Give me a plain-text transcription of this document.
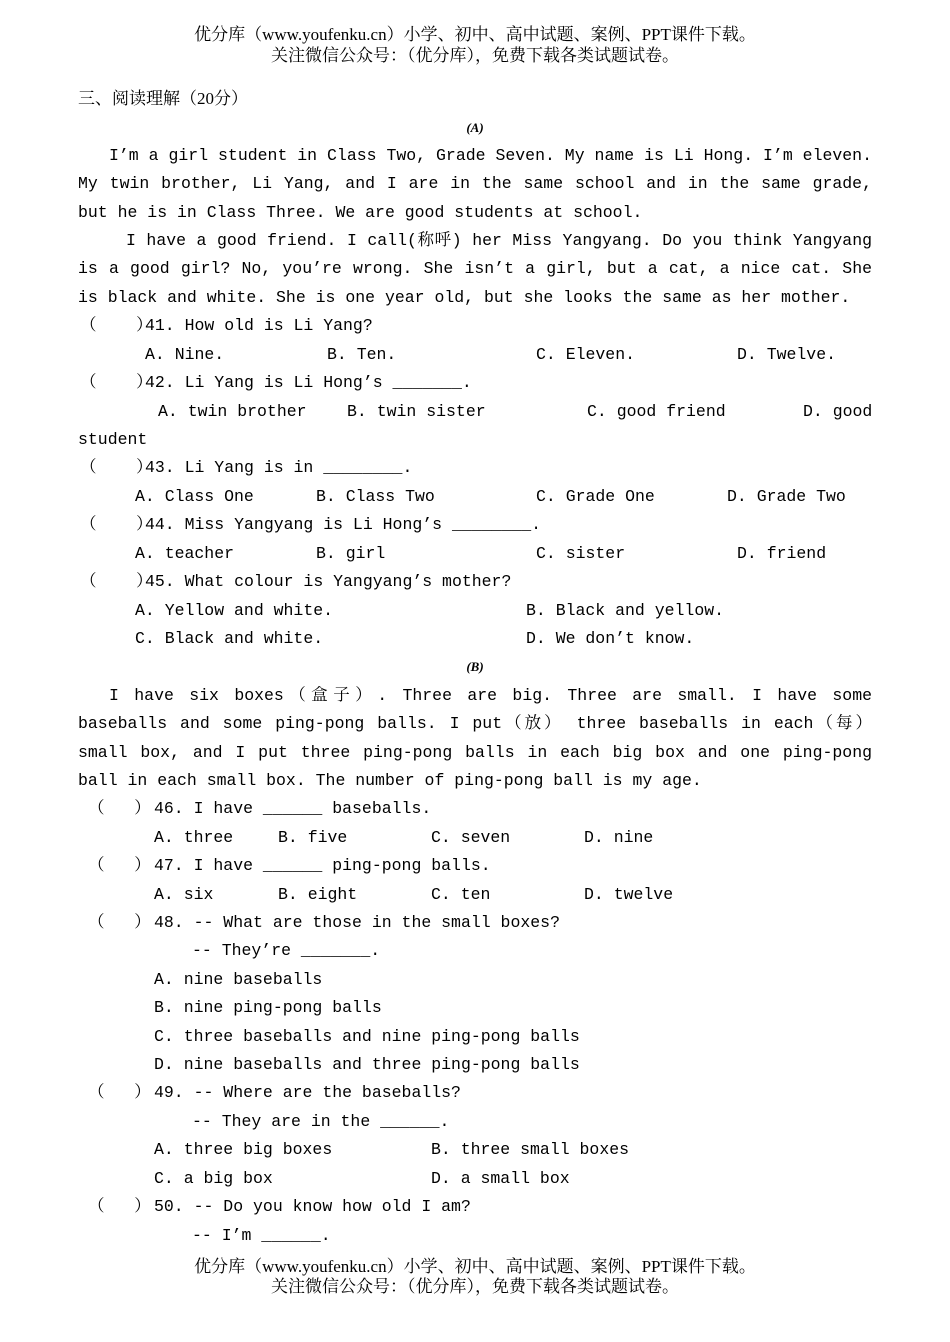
优分库（www.youfenku.cn）小学、初中、高中试题、案例、PPT课件下载。
关注微信公众号：（优分库），免费下载各类试题试卷。
三、阅读理解（20分）
(A)
I’m a girl student in Class Two, Grade Seven. My name is Li Hong. I’m eleven. My twin brother, Li Yang, and I are in the same school and in the same grade, but he is in Class Three. We are good students at school.
I have a good friend. I call(称呼) her Miss Yangyang. Do you think Yangyang is a good girl? No, you’re wrong. She isn’t a girl, but a cat, a nice cat. She is black and white. She is one year old, but she looks the same as her mother.
（    ）
41. How old is Li Yang?
A. Nine.	B. Ten.	C. Eleven.	D. Twelve.
（    ）
42. Li Yang is Li Hong’s _______.
A. twin brother B. twin sister	C. good friend	D. good
student
（    ）
43. Li Yang is in ________.
A. Class One	B. Class Two	C. Grade One	D. Grade Two
（    ）
44. Miss Yangyang is Li Hong’s ________.
A. teacher	B. girl	C. sister	D. friend
（    ）
45. What colour is Yangyang’s mother?
A. Yellow and white.	B. Black and yellow.
C. Black and white.	D. We don’t know.
(B)
I have six boxes（盒子）. Three are big. Three are small. I have some baseballs and some ping-pong balls. I put（放） three baseballs in each（每） small box, and I put three ping-pong balls in each big box and one ping-pong ball in each small box. The number of ping-pong ball is my age.
（   ） 46. I have ______ baseballs.
A. three	B. five	C. seven	D. nine
（   ） 47. I have ______ ping-pong balls.
A. six	B. eight	C. ten	D. twelve
（   ） 48. -- What are those in the small boxes?
-- They’re _______.
A. nine baseballs
B. nine ping-pong balls
C. three baseballs and nine ping-pong balls
D. nine baseballs and three ping-pong balls
（   ） 49. -- Where are the baseballs?
-- They are in the ______.
A. three big boxes	B. three small boxes
C. a big box	D. a small box
（   ） 50. -- Do you know how old I am?
-- I’m ______.
优分库（www.youfenku.cn）小学、初中、高中试题、案例、PPT课件下载。
关注微信公众号：（优分库），免费下载各类试题试卷。
